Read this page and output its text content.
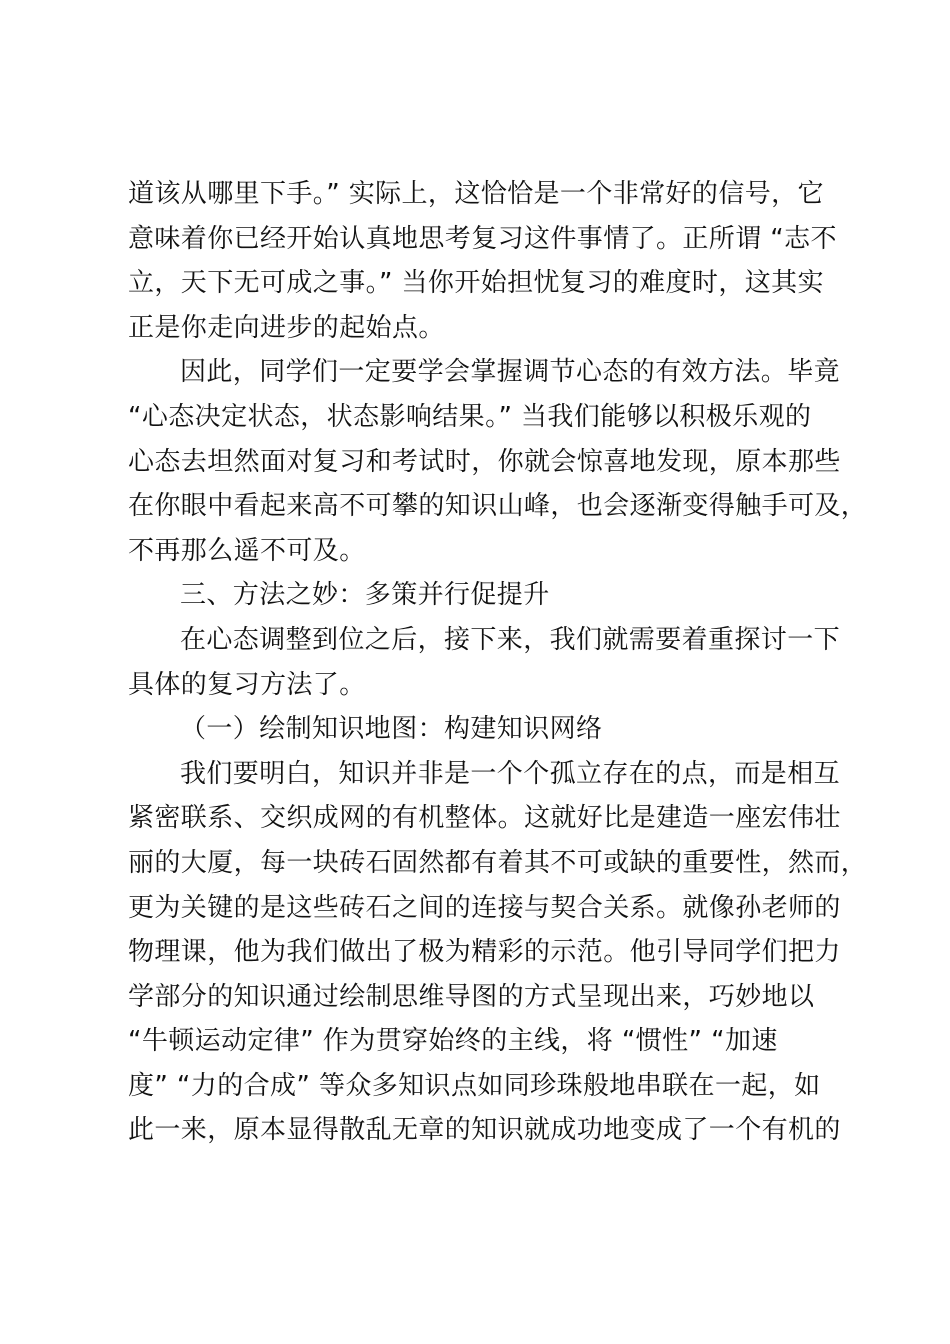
道该从哪里下手。” 实际上，这恰恰是一个非常好的信号，它
意味着你已经开始认真地思考复习这件事情了。正所谓 “志不
立，天下无可成之事。” 当你开始担忧复习的难度时，这其实
正是你走向进步的起始点。

因此，同学们一定要学会掌握调节心态的有效方法。毕竟
“心态决定状态，状态影响结果。” 当我们能够以积极乐观的
心态去坦然面对复习和考试时，你就会惊喜地发现，原本那些
在你眼中看起来高不可攀的知识山峰，也会逐渐变得触手可及，
不再那么遥不可及。

三、方法之妙：多策并行促提升

在心态调整到位之后，接下来，我们就需要着重探讨一下
具体的复习方法了。

（一）绘制知识地图：构建知识网络

我们要明白，知识并非是一个个孤立存在的点，而是相互
紧密联系、交织成网的有机整体。这就好比是建造一座宏伟壮
丽的大厦，每一块砖石固然都有着其不可或缺的重要性，然而，
更为关键的是这些砖石之间的连接与契合关系。就像孙老师的
物理课，他为我们做出了极为精彩的示范。他引导同学们把力
学部分的知识通过绘制思维导图的方式呈现出来，巧妙地以
“牛顿运动定律” 作为贯穿始终的主线，将 “惯性” “加速
度” “力的合成” 等众多知识点如同珍珠般地串联在一起，如
此一来，原本显得散乱无章的知识就成功地变成了一个有机的
